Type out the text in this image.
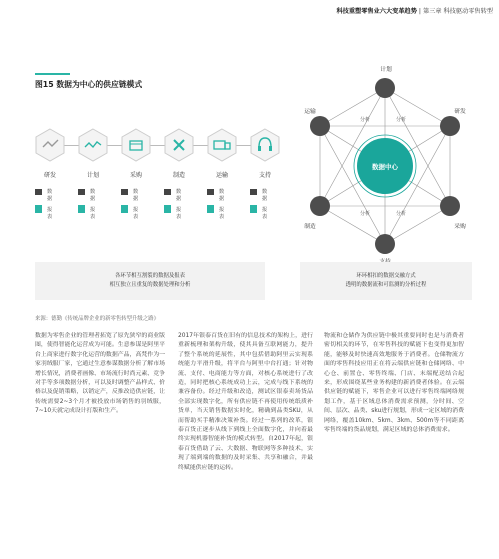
科技重塑零售业六大变革趋势 | 第三章 科技驱动零售转型
图15 数据为中心的供应链模式
研发	计划	采购	制造	运输	支持
数据
数据
数据
数据
数据
数据
报表
报表
报表
报表
报表
报表
各环节相互割裂的数据及报表
相互独立且重复的数据处理和分析
数据中心
计划
研发
运输
采购
制造
分析	分析
分析	分析
环环相扣的数据交融方式
透明的数据流和可监测的分析过程
来源：德勤《传统品牌企业的新零售转型升级之路》
数据为零售企业的管理者拓宽了原先狭窄的商业版图，使得智能化运营成为可能。生意参谋是阿里平台上商家进行数字化运营的数据产品，高梵作为一家羽绒服厂家，它通过生意参谋数据分析了解市场增长情况，消费者画像、市场流行时尚元素、竞争对手等多项数据分析，可以及时调整产品样式、价格以及促销策略，以销定产，反推改造供应链，让传统需要2~3个月才被投放市场销售的羽绒服，7~10天就完成设计打版和生产。
2017年银泰百货在旧有的信息技术的架构上，进行重新梳理和架构升级，使其具备互联网能力，提升了整个系统的延展性，其中包括借助阿里云实现系统能力平滑升级，将平台与阿里中台打通；针对物流、支付、电商能力等方面，对核心系统进行了改造，同时把核心系统成功上云，完成与线下系统的兼容备份。经过升级和改造，测试区银泰卖场货品全部实现数字化，所有供应链不再使用传统纸质补货单，当天销售数据实时化，精确到品类SKU，从而帮助买手精准决策补货。经过一系列的改革，银泰百货正逐步从线下到线上全面数字化，并向着最终实现机器智能补货的模式转型。自2017年起，银泰百货借助了云、大数据、物联网等多种技术，实现了端到端的数据的及时采集、共享和融合，并最终赋能供应链的运转。
物流和仓储作为供应链中极其重要同时也是与消费者密切相关的环节，在零售科技的赋能下也变得更加智能，能够及时快速高效地服务于消费者。仓储物流方面的零售科技应用正在将云端供应链和仓储网络、中心仓、前置仓、零售终端、门店、末端配送结合起来，形成围绕某些业务构建的新消费者体验。在云端供应链的赋能下，零售企业可以进行零售终端网络规划工作，基于区域总体消费需求预测，分时间、空间、层次、品类、sku进行规划，形成一定区域的消费网络，覆盖10km、5km、3km、500m等不同距离零售终端的货品规划，满足区域的总体消费需求。
